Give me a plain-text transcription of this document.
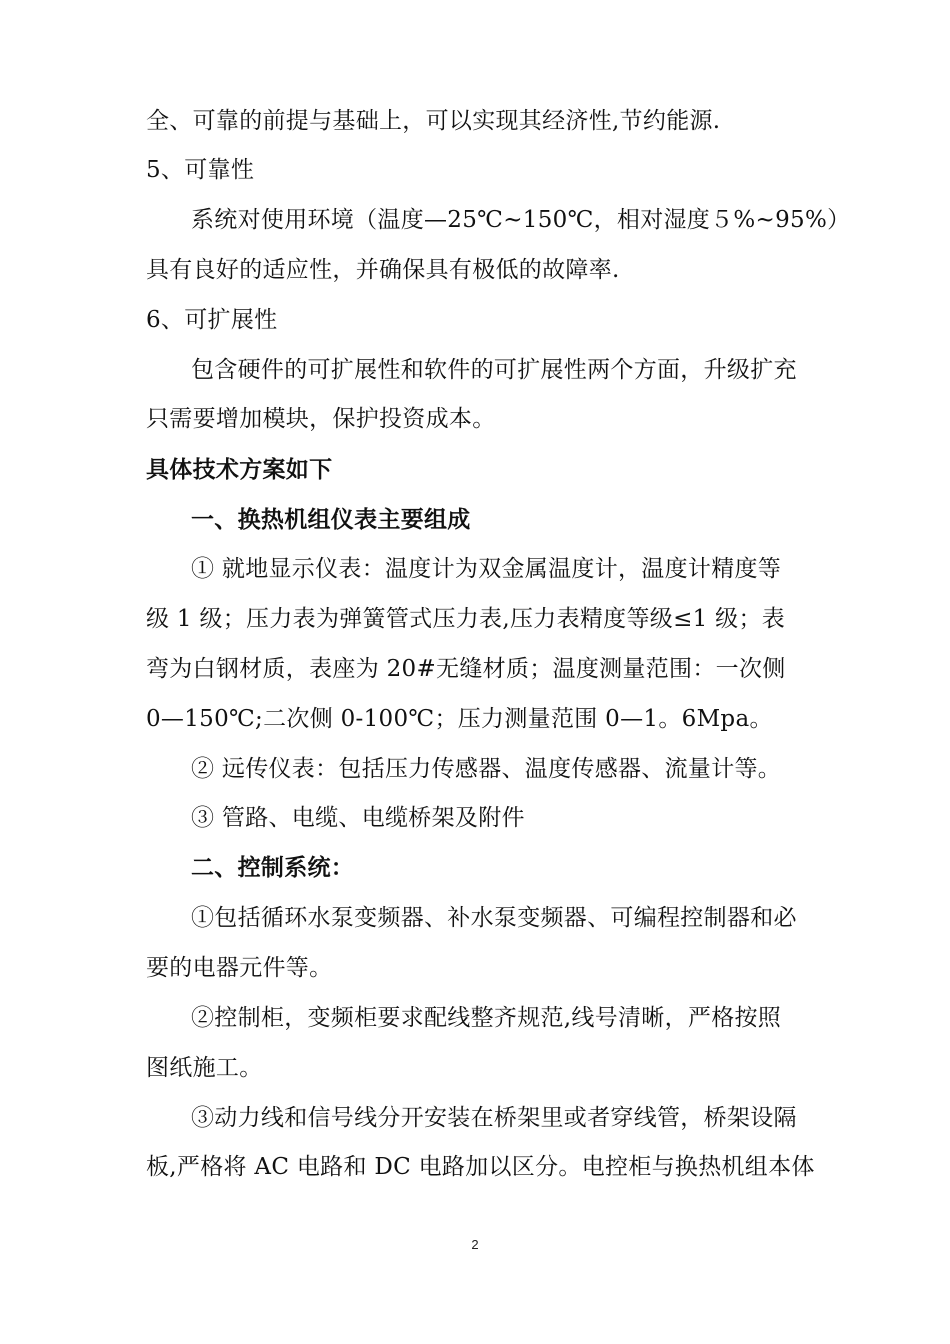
全、可靠的前提与基础上，可以实现其经济性,节约能源.
5、可靠性
系统对使用环境（温度—25℃~150℃，相对湿度５%~95%）
具有良好的适应性，并确保具有极低的故障率.
6、可扩展性
包含硬件的可扩展性和软件的可扩展性两个方面，升级扩充
只需要增加模块，保护投资成本。
具体技术方案如下
一、换热机组仪表主要组成
① 就地显示仪表：温度计为双金属温度计，温度计精度等
级 1 级；压力表为弹簧管式压力表,压力表精度等级≤1 级；表
弯为白钢材质，表座为 20#无缝材质；温度测量范围：一次侧
0—150℃;二次侧 0-100℃；压力测量范围 0—1。6Mpa。
② 远传仪表：包括压力传感器、温度传感器、流量计等。
③ 管路、电缆、电缆桥架及附件
二、控制系统：
①包括循环水泵变频器、补水泵变频器、可编程控制器和必
要的电器元件等。
②控制柜，变频柜要求配线整齐规范,线号清晰，严格按照
图纸施工。
③动力线和信号线分开安装在桥架里或者穿线管，桥架设隔
板,严格将 AC 电路和 DC 电路加以区分。电控柜与换热机组本体
2
